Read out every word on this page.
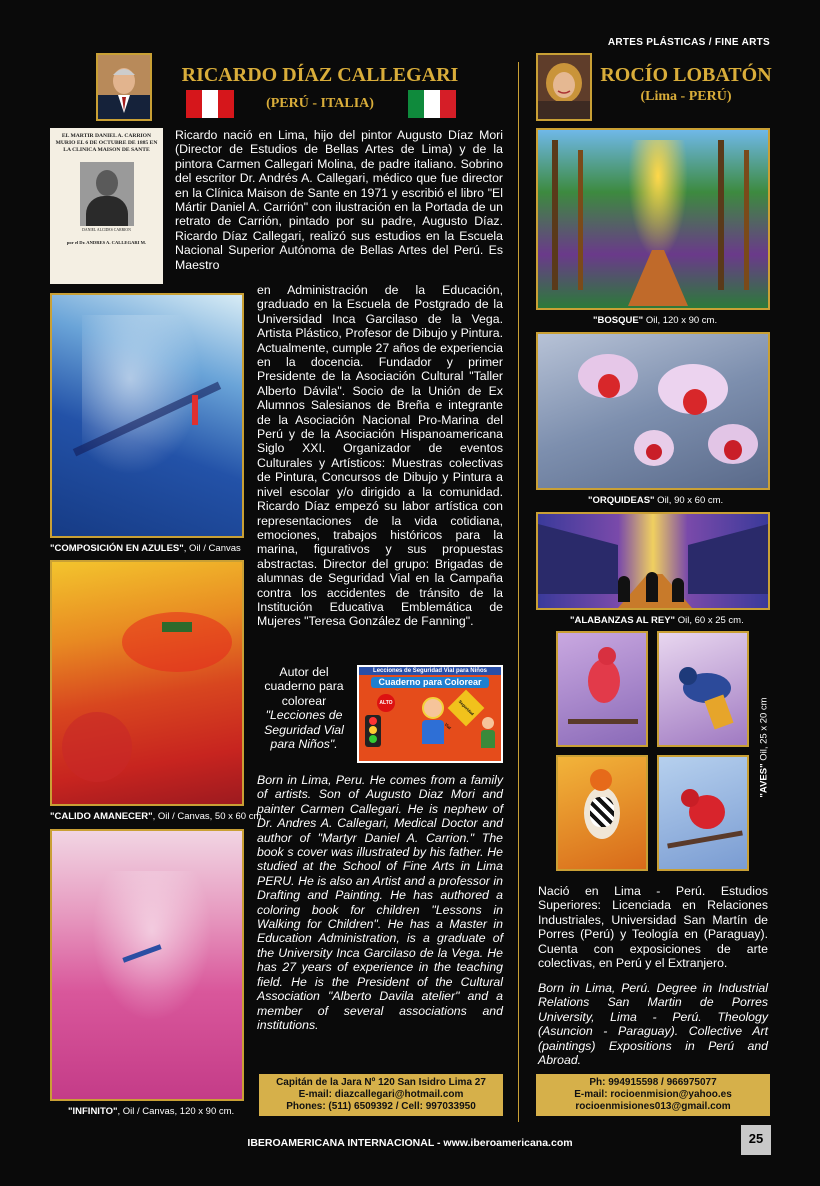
ARTES PLÁSTICAS / FINE ARTS
RICARDO DÍAZ CALLEGARI
(PERÚ - ITALIA)
EL MARTIR DANIEL A. CARRION MURIO EL 6 DE OCTUBRE DE 1885 EN LA CLINICA MAISON DE SANTE
DANIEL ALCIDES CARRION
por el Dr. ANDRES A. CALLEGARI M.
Ricardo nació en Lima, hijo del pintor Augusto Díaz Mori (Director de Estudios de Bellas Artes de Lima) y de la pintora Carmen Callegari Molina, de padre italiano. Sobrino del escritor Dr. Andrés A. Callegari, médico que fue director en la Clínica Maison de Sante en 1971 y escribió el libro "El Mártir Daniel A. Carrión" con ilustración en la Portada de un retrato de Carrión, pintado por su padre, Augusto Díaz. Ricardo Díaz Callegari, realizó sus estudios en la Escuela Nacional Superior Autónoma de Bellas Artes del Perú. Es Maestro
en Administración de la Educación, graduado en la Escuela de Postgrado de la Universidad Inca Garcilaso de la Vega. Artista Plástico, Profesor de Dibujo y Pintura. Actualmente, cumple 27 años de experiencia en la docencia. Fundador y primer Presidente de la Asociación Cultural "Taller Alberto Dávila". Socio de la Unión de Ex Alumnos Salesianos de Breña e integrante de la Asociación Nacional Pro-Marina del Perú y de la Asociación Hispanoamericana Siglo XXI. Organizador de eventos Culturales y Artísticos: Muestras colectivas de Pintura, Concursos de Dibujo y Pintura a nivel escolar y/o dirigido a la comunidad. Ricardo Díaz empezó su labor artística con representaciones de la vida cotidiana, emociones, trabajos históricos para la marina, figurativos y sus propuestas abstractas. Director del grupo: Brigadas de alumnas de Seguridad Vial en la Campaña contra los accidentes de tránsito de la Institución Educativa Emblemática de Mujeres "Teresa González de Fanning".
"COMPOSICIÓN EN AZULES", Oil / Canvas
"CALIDO AMANECER", Oil / Canvas, 50 x 60 cm.
"INFINITO", Oil / Canvas, 120 x 90 cm.
Autor del cuaderno para colorear
"Lecciones de Seguridad Vial para Niños".
Lecciones de Seguridad Vial para Niños
Cuaderno para Colorear
ALTO	Seguridad Vial
Born in Lima, Peru. He comes from a family of artists. Son of Augusto Diaz Mori and painter Carmen Callegari. He is nephew of Dr. Andres A. Callegari, Medical Doctor and author of "Martyr Daniel A. Carrion." The book s cover was illustrated by his father. He studied at the School of Fine Arts in Lima PERU. He is also an Artist and a professor in Drafting and Painting. He has authored a coloring book for children "Lessons in Walking for Children". He has a Master in Education Administration, is a graduate of the University Inca Garcilaso de la Vega. He has 27 years of experience in the teaching field. He is the President of the Cultural Association "Alberto Davila atelier" and a member of several associations and institutions.
Capitán de la Jara Nº 120 San Isidro Lima 27
E-mail: diazcallegari@hotmail.com
Phones: (511) 6509392 / Cell: 997033950
ROCÍO LOBATÓN
(Lima - PERÚ)
"BOSQUE" Oil, 120 x 90 cm.
"ORQUIDEAS" Oil, 90 x 60 cm.
"ALABANZAS AL REY" Oil, 60 x 25 cm.
"AVES" Oil, 25 x 20 cm
Nació en Lima - Perú. Estudios Superiores: Licenciada en Relaciones Industriales, Universidad San Martín de Porres (Perú) y Teología en (Paraguay). Cuenta con exposiciones de arte colectivas, en Perú y el Extranjero.
Born in Lima, Perú. Degree in Industrial Relations San Martin de Porres University, Lima - Perú. Theology (Asuncion - Paraguay). Collective Art (paintings) Expositions in Perú and Abroad.
Ph: 994915598 / 966975077
E-mail: rocioenmision@yahoo.es
rocioenmisiones013@gmail.com
IBEROAMERICANA INTERNACIONAL - www.iberoamericana.com	25
